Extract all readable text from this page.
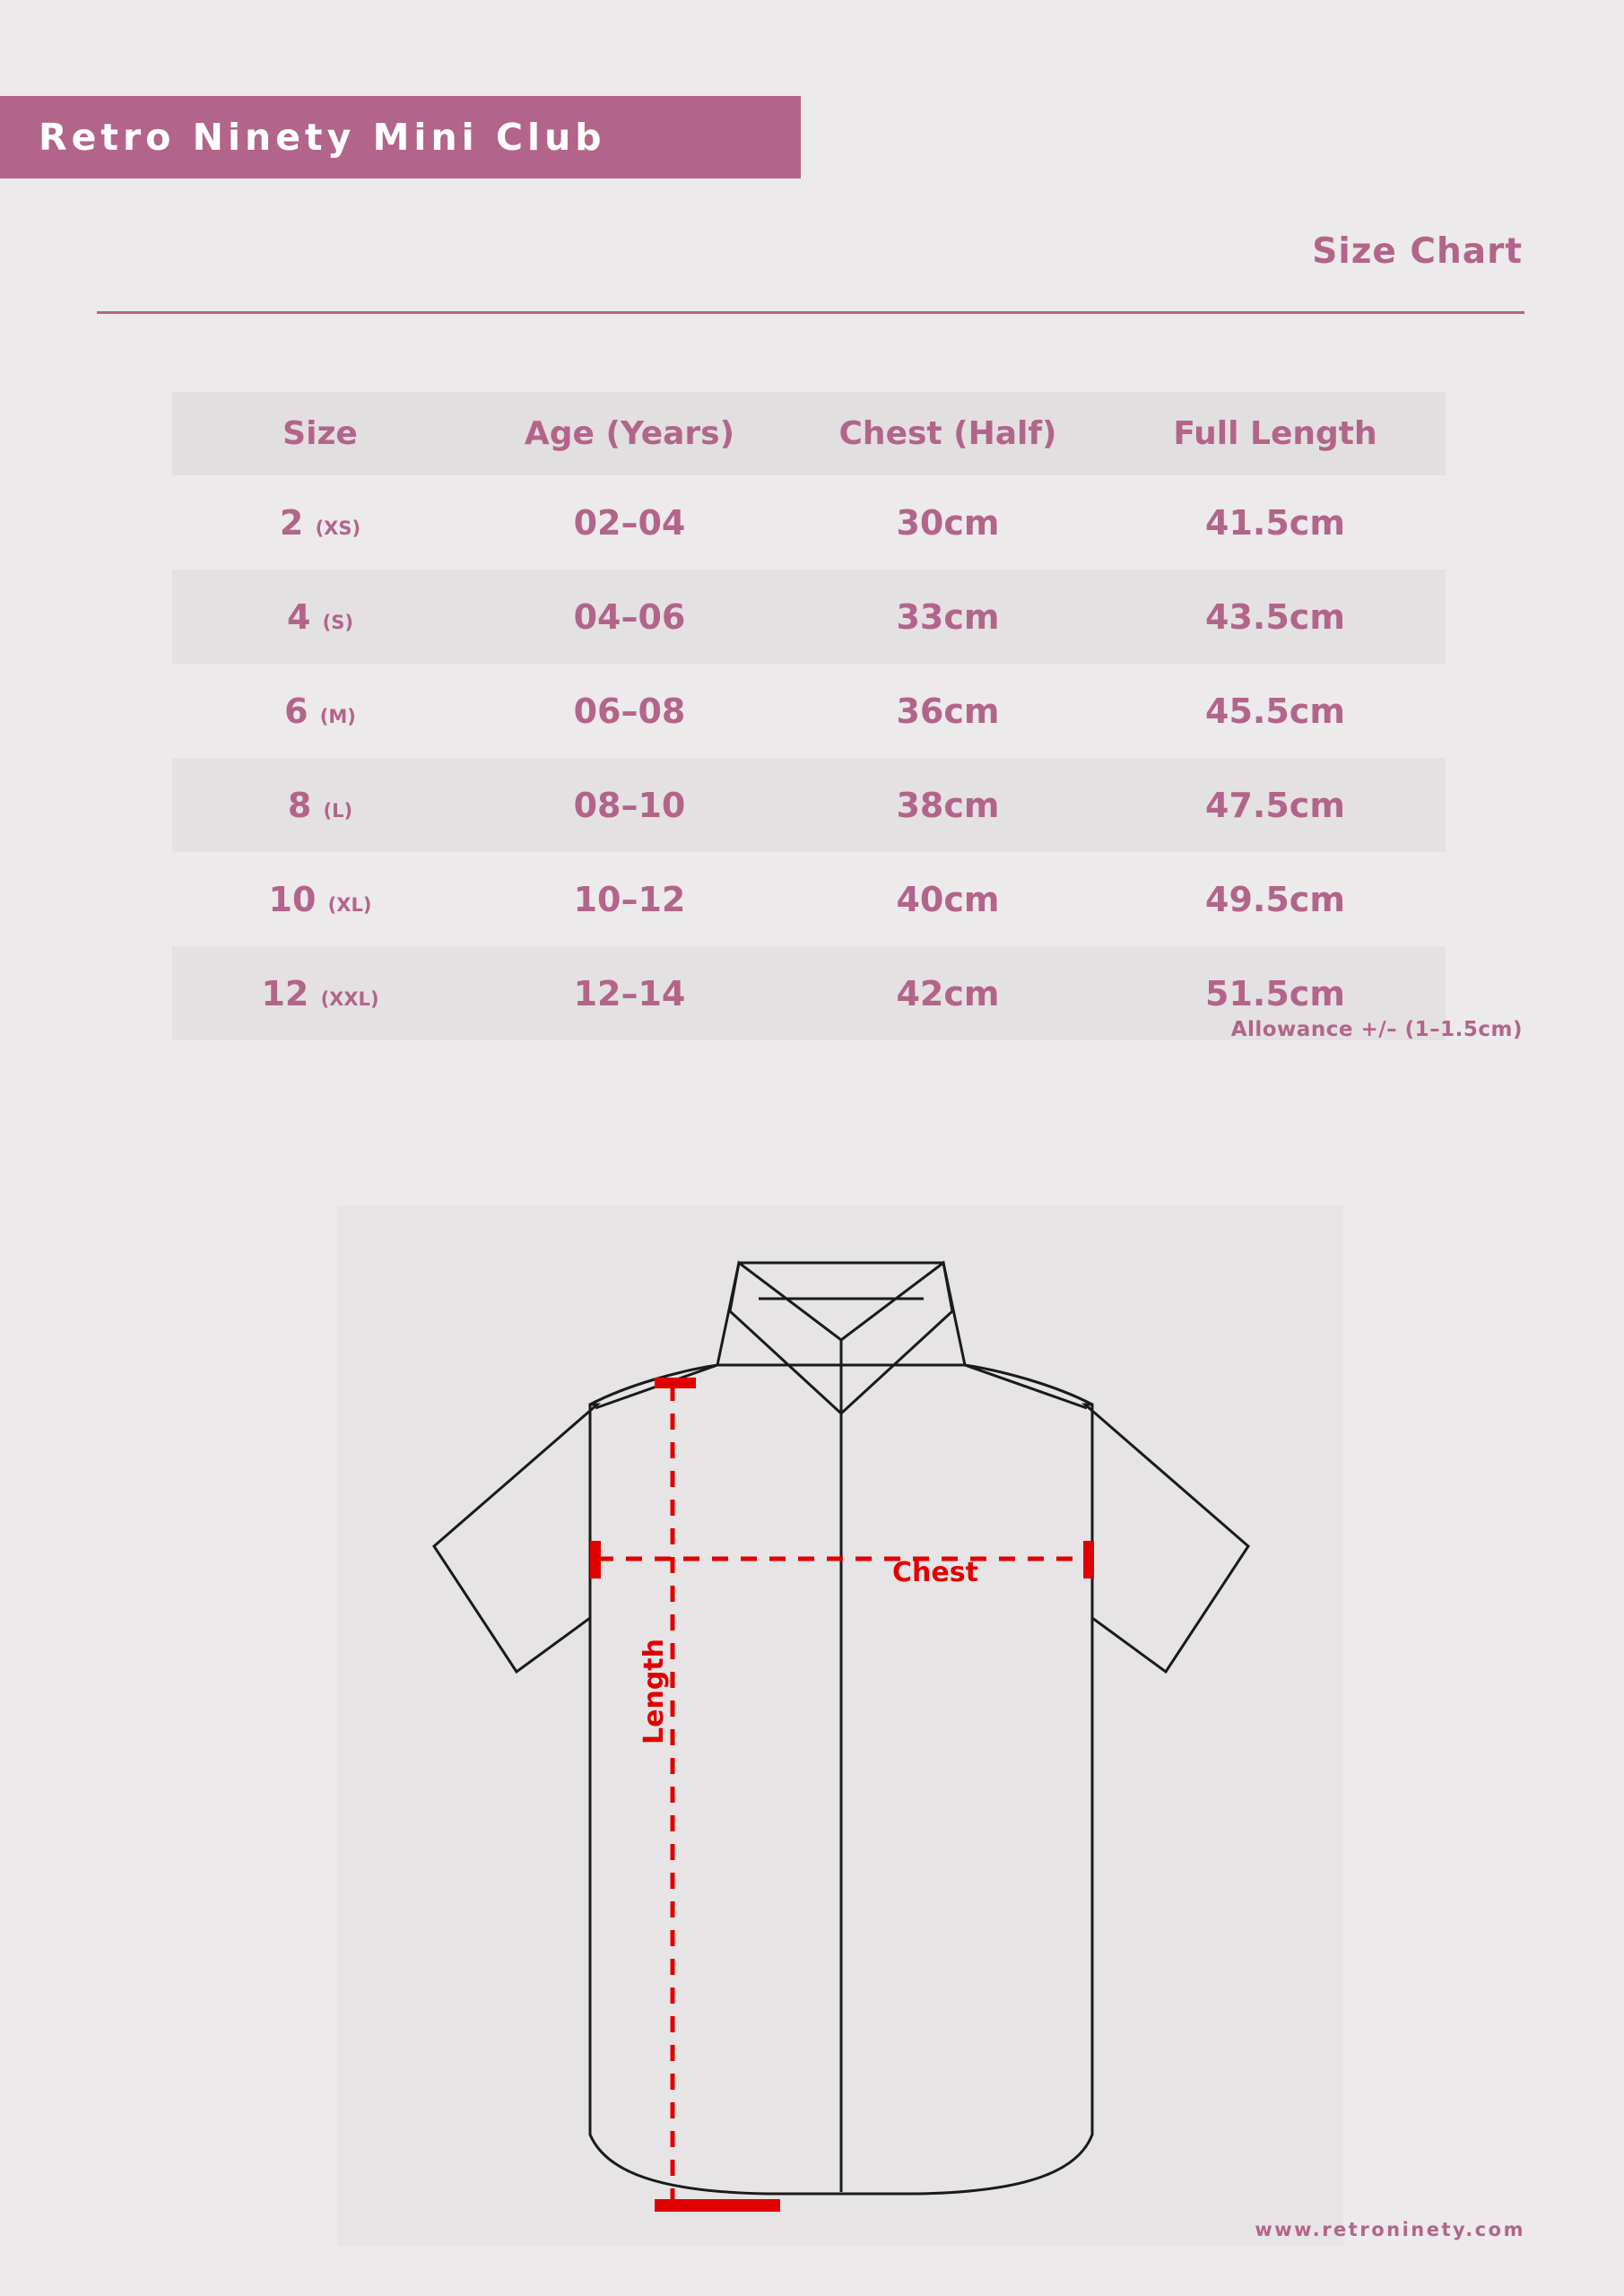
Retro Ninety Mini Club
Size Chart
Size	Age (Years)	Chest (Half)	Full Length
2 (XS)	02–04	30cm	41.5cm
4 (S)	04–06	33cm	43.5cm
6 (M)	06–08	36cm	45.5cm
8 (L)	08–10	38cm	47.5cm
10 (XL)	10–12	40cm	49.5cm
12 (XXL)	12–14	42cm	51.5cm
Allowance +/– (1–1.5cm)
Chest
Length
www.retroninety.com
